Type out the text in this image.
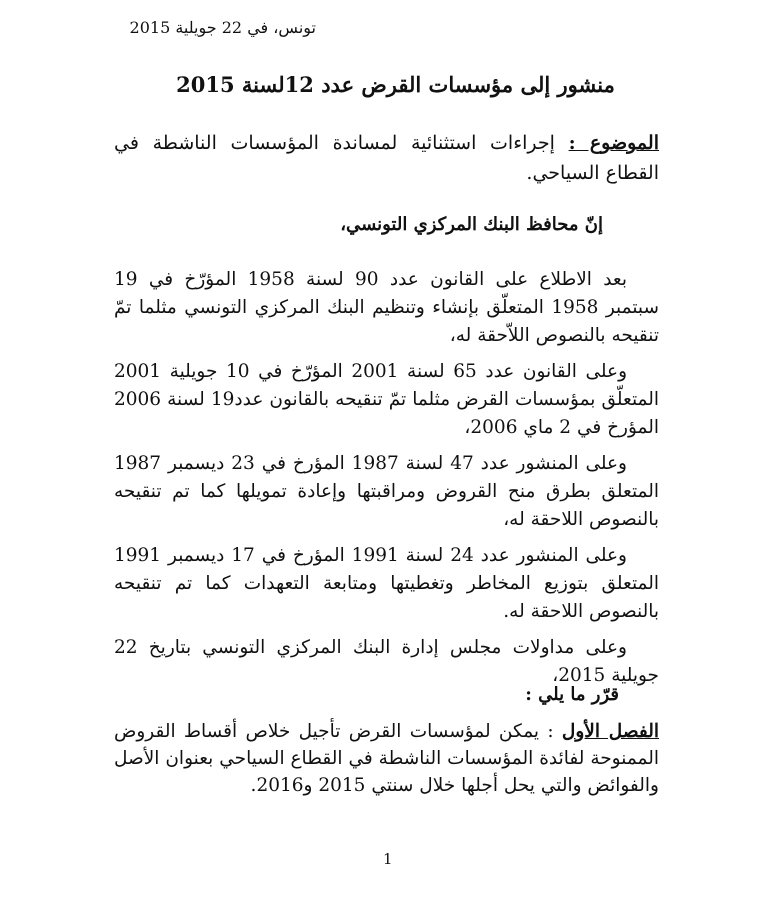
تونس، في 22 جويلية 2015
منشور إلى مؤسسات القرض عدد 12لسنة 2015
الموضوع : إجراءات استثنائية لمساندة المؤسسات الناشطة في القطاع السياحي.
إنّ محافظ البنك المركزي التونسي،

بعد الاطلاع على القانون عدد 90 لسنة 1958 المؤرّخ في 19 سبتمبر 1958 المتعلّق بإنشاء وتنظيم البنك المركزي التونسي مثلما تمّ تنقيحه بالنصوص اللاّحقة له،

وعلى القانون عدد 65 لسنة 2001 المؤرّخ في 10 جويلية 2001 المتعلّق بمؤسسات القرض مثلما تمّ تنقيحه بالقانون عدد19 لسنة 2006 المؤرخ في 2 ماي 2006،

وعلى المنشور عدد 47 لسنة 1987 المؤرخ في 23 ديسمبر 1987 المتعلق بطرق منح القروض ومراقبتها وإعادة تمويلها كما تم تنقيحه بالنصوص اللاحقة له،

وعلى المنشور عدد 24 لسنة 1991 المؤرخ في 17 ديسمبر 1991 المتعلق بتوزيع المخاطر وتغطيتها ومتابعة التعهدات كما تم تنقيحه بالنصوص اللاحقة له.

وعلى مداولات مجلس إدارة البنك المركزي التونسي بتاريخ 22 جويلية 2015،

قرّر ما يلي :
الفصل الأول : يمكن لمؤسسات القرض تأجيل خلاص أقساط القروض الممنوحة لفائدة المؤسسات الناشطة في القطاع السياحي بعنوان الأصل والفوائض والتي يحل أجلها خلال سنتي 2015 و2016.
1
